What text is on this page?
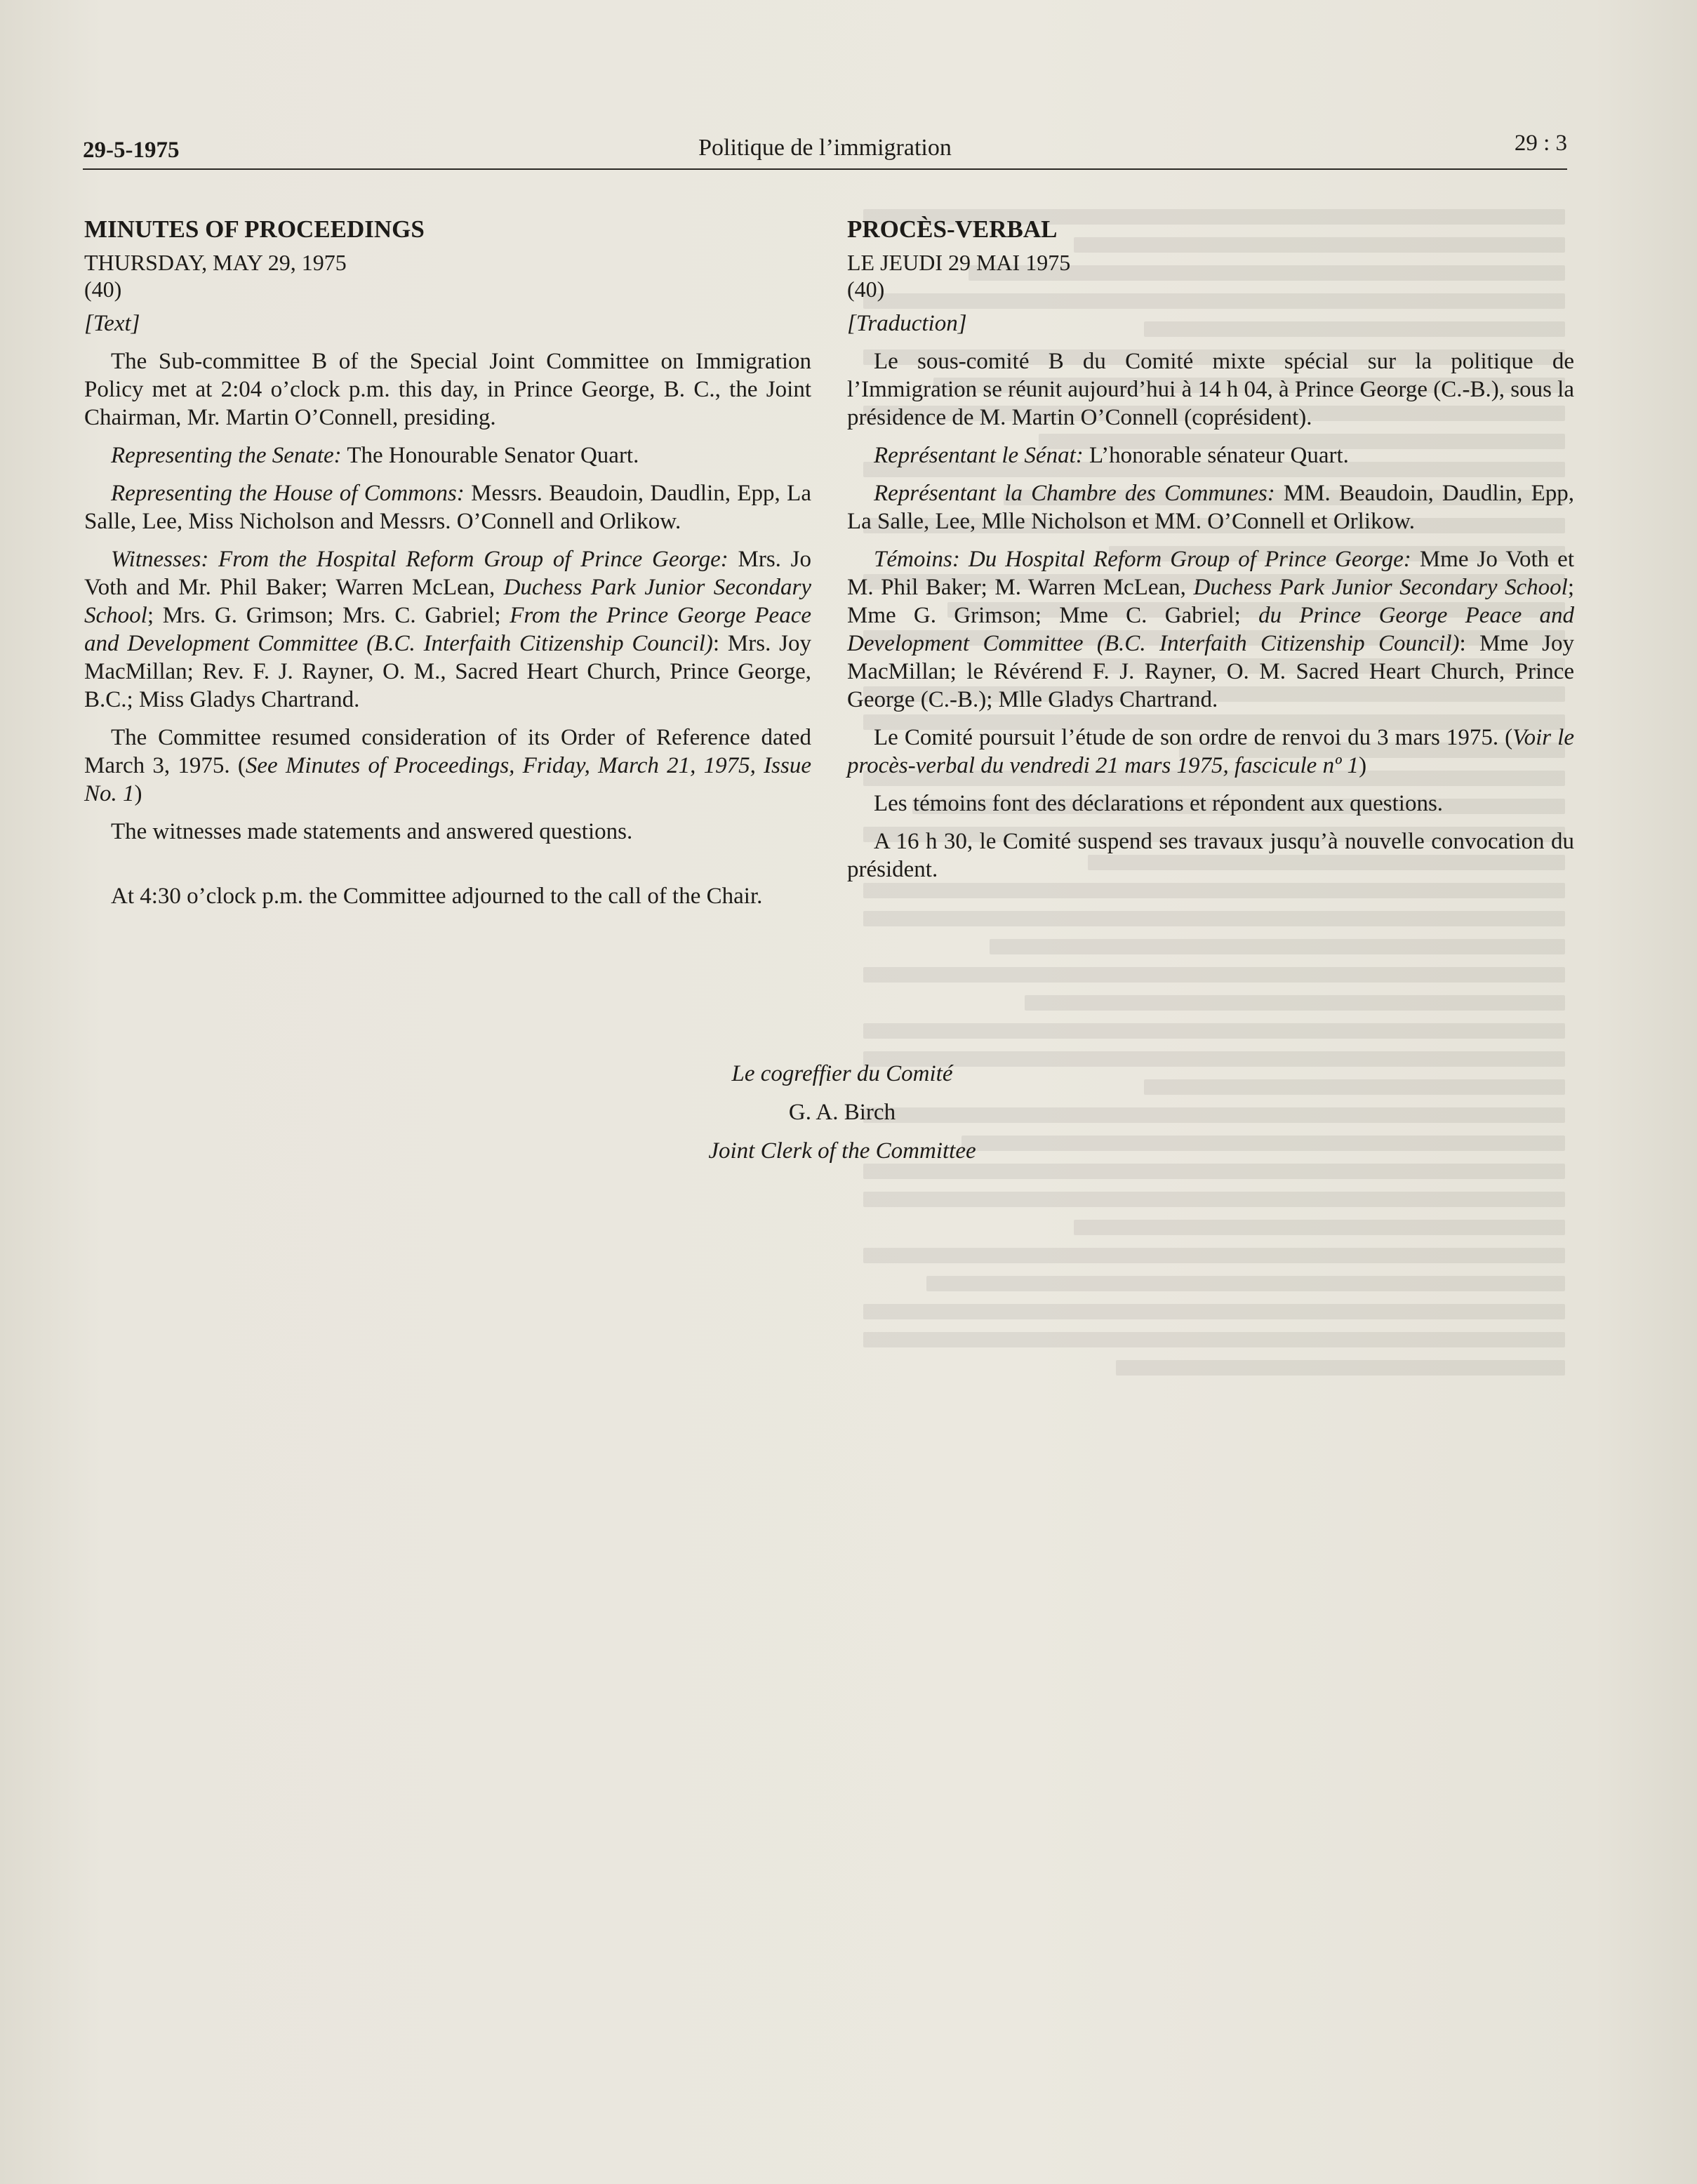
29-5-1975	Politique de l’immigration	29 : 3
MINUTES OF PROCEEDINGS
THURSDAY, MAY 29, 1975
(40)
[Text]

The Sub-committee B of the Special Joint Committee on Immigration Policy met at 2:04 o’clock p.m. this day, in Prince George, B. C., the Joint Chairman, Mr. Martin O’Connell, presiding.

Representing the Senate: The Honourable Senator Quart.

Representing the House of Commons: Messrs. Beaudoin, Daudlin, Epp, La Salle, Lee, Miss Nicholson and Messrs. O’Connell and Orlikow.

Witnesses: From the Hospital Reform Group of Prince George: Mrs. Jo Voth and Mr. Phil Baker; Warren McLean, Duchess Park Junior Secondary School; Mrs. G. Grimson; Mrs. C. Gabriel; From the Prince George Peace and Development Committee (B.C. Interfaith Citizenship Council): Mrs. Joy MacMillan; Rev. F. J. Rayner, O. M., Sacred Heart Church, Prince George, B.C.; Miss Gladys Chartrand.

The Committee resumed consideration of its Order of Reference dated March 3, 1975. (See Minutes of Proceedings, Friday, March 21, 1975, Issue No. 1)

The witnesses made statements and answered questions.

At 4:30 o’clock p.m. the Committee adjourned to the call of the Chair.

PROCÈS-VERBAL
LE JEUDI 29 MAI 1975
(40)
[Traduction]

Le sous-comité B du Comité mixte spécial sur la politique de l’Immigration se réunit aujourd’hui à 14 h 04, à Prince George (C.-B.), sous la présidence de M. Martin O’Connell (coprésident).

Représentant le Sénat: L’honorable sénateur Quart.

Représentant la Chambre des Communes: MM. Beaudoin, Daudlin, Epp, La Salle, Lee, Mlle Nicholson et MM. O’Connell et Orlikow.

Témoins: Du Hospital Reform Group of Prince George: Mme Jo Voth et M. Phil Baker; M. Warren McLean, Duchess Park Junior Secondary School; Mme G. Grimson; Mme C. Gabriel; du Prince George Peace and Development Committee (B.C. Interfaith Citizenship Council): Mme Joy MacMillan; le Révérend F. J. Rayner, O. M. Sacred Heart Church, Prince George (C.-B.); Mlle Gladys Chartrand.

Le Comité poursuit l’étude de son ordre de renvoi du 3 mars 1975. (Voir le procès-verbal du vendredi 21 mars 1975, fascicule nº 1)

Les témoins font des déclarations et répondent aux questions.

A 16 h 30, le Comité suspend ses travaux jusqu’à nouvelle convocation du président.

Le cogreffier du Comité
G. A. Birch
Joint Clerk of the Committee
